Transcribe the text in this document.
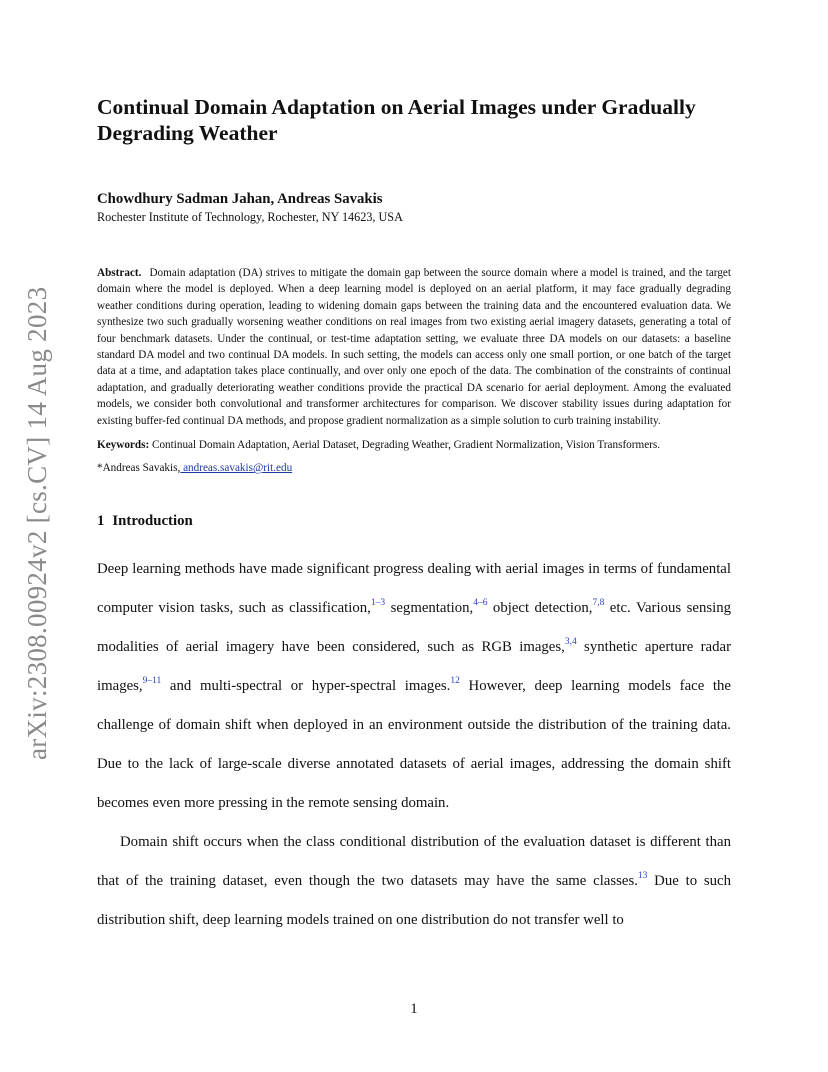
arXiv:2308.00924v2 [cs.CV] 14 Aug 2023
Continual Domain Adaptation on Aerial Images under Gradually Degrading Weather
Chowdhury Sadman Jahan, Andreas Savakis
Rochester Institute of Technology, Rochester, NY 14623, USA
Abstract. Domain adaptation (DA) strives to mitigate the domain gap between the source domain where a model is trained, and the target domain where the model is deployed. When a deep learning model is deployed on an aerial platform, it may face gradually degrading weather conditions during operation, leading to widening domain gaps between the training data and the encountered evaluation data. We synthesize two such gradually worsening weather conditions on real images from two existing aerial imagery datasets, generating a total of four benchmark datasets. Under the continual, or test-time adaptation setting, we evaluate three DA models on our datasets: a baseline standard DA model and two continual DA models. In such setting, the models can access only one small portion, or one batch of the target data at a time, and adaptation takes place continually, and over only one epoch of the data. The combination of the constraints of continual adaptation, and gradually deteriorating weather conditions provide the practical DA scenario for aerial deployment. Among the evaluated models, we consider both convolutional and transformer architectures for comparison. We discover stability issues during adaptation for existing buffer-fed continual DA methods, and propose gradient normalization as a simple solution to curb training instability.
Keywords: Continual Domain Adaptation, Aerial Dataset, Degrading Weather, Gradient Normalization, Vision Transformers.
*Andreas Savakis, andreas.savakis@rit.edu
1 Introduction

Deep learning methods have made significant progress dealing with aerial images in terms of fundamental computer vision tasks, such as classification,$^{1-3}$ segmentation,$^{4-6}$ object detection,$^{7,8}$ etc. Various sensing modalities of aerial imagery have been considered, such as RGB images,$^{3,4}$ synthetic aperture radar images,$^{9-11}$ and multi-spectral or hyper-spectral images.$^{12}$ However, deep learning models face the challenge of domain shift when deployed in an environment outside the distribution of the training data. Due to the lack of large-scale diverse annotated datasets of aerial images, addressing the domain shift becomes even more pressing in the remote sensing domain.

Domain shift occurs when the class conditional distribution of the evaluation dataset is different than that of the training dataset, even though the two datasets may have the same classes.$^{13}$ Due to such distribution shift, deep learning models trained on one distribution do not transfer well to

1
